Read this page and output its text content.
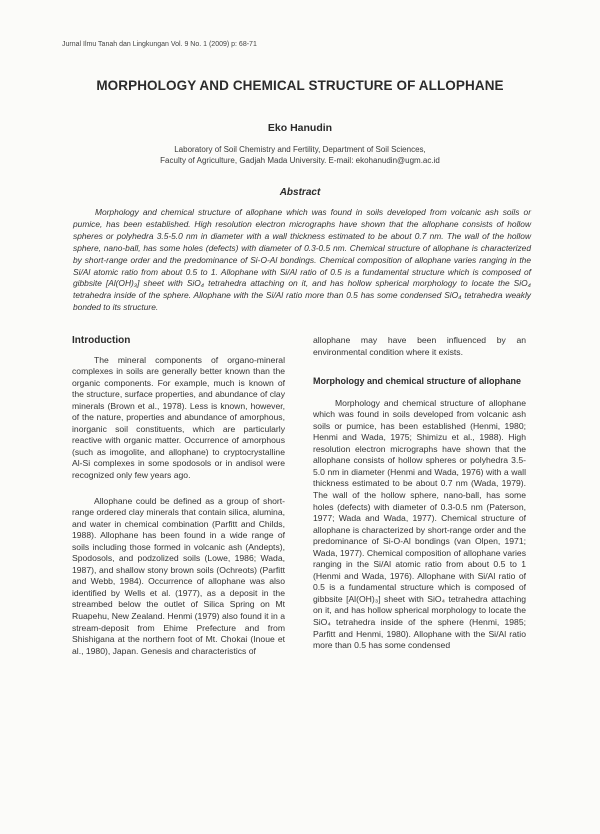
Jurnal Ilmu Tanah dan Lingkungan Vol. 9 No. 1 (2009) p: 68-71
MORPHOLOGY AND CHEMICAL STRUCTURE OF ALLOPHANE
Eko Hanudin
Laboratory of Soil Chemistry and Fertility, Department of Soil Sciences,
Faculty of Agriculture, Gadjah Mada University. E-mail: ekohanudin@ugm.ac.id
Abstract

Morphology and chemical structure of allophane which was found in soils developed from volcanic ash soils or pumice, has been established. High resolution electron micrographs have shown that the allophane consists of hollow spheres or polyhedra 3.5-5.0 nm in diameter with a wall thickness estimated to be about 0.7 nm. The wall of the hollow sphere, nano-ball, has some holes (defects) with diameter of 0.3-0.5 nm. Chemical structure of allophane is characterized by short-range order and the predominance of Si-O-Al bondings. Chemical composition of allophane varies ranging in the Si/Al atomic ratio from about 0.5 to 1. Allophane with Si/Al ratio of 0.5 is a fundamental structure which is composed of gibbsite [Al(OH)₃] sheet with SiO₄ tetrahedra attaching on it, and has hollow spherical morphology to locate the SiO₄ tetrahedra inside of the sphere. Allophane with the Si/Al ratio more than 0.5 has some condensed SiO₄ tetrahedra weakly bonded to its structure.

Introduction

The mineral components of organo-mineral complexes in soils are generally better known than the organic components. For example, much is known of the structure, surface properties, and abundance of clay minerals (Brown et al., 1978). Less is known, however, of the nature, properties and abundance of amorphous, inorganic soil constituents, which are particularly reactive with organic matter. Occurrence of amorphous (such as imogolite, and allophane) to cryptocrystalline Al-Si complexes in some spodosols or in andisol were recognized only few years ago.

Allophane could be defined as a group of short-range ordered clay minerals that contain silica, alumina, and water in chemical combination (Parfitt and Childs, 1988). Allophane has been found in a wide range of soils including those formed in volcanic ash (Andepts), Spodosols, and podzolized soils (Lowe, 1986; Wada, 1987), and shallow stony brown soils (Ochreots) (Parfitt and Webb, 1984). Occurrence of allophane was also identified by Wells et al. (1977), as a deposit in the streambed below the outlet of Silica Spring on Mt Ruapehu, New Zealand. Henmi (1979) also found it in a stream-deposit from Ehime Prefecture and from Shishigana at the northern foot of Mt. Chokai (Inoue et al., 1980), Japan. Genesis and characteristics of

allophane may have been influenced by an environmental condition where it exists.

Morphology and chemical structure of allophane

Morphology and chemical structure of allophane which was found in soils developed from volcanic ash soils or pumice, has been established (Henmi, 1980; Henmi and Wada, 1975; Shimizu et al., 1988). High resolution electron micrographs have shown that the allophane consists of hollow spheres or polyhedra 3.5-5.0 nm in diameter (Henmi and Wada, 1976) with a wall thickness estimated to be about 0.7 nm (Wada, 1979). The wall of the hollow sphere, nano-ball, has some holes (defects) with diameter of 0.3-0.5 nm (Paterson, 1977; Wada and Wada, 1977). Chemical structure of allophane is characterized by short-range order and the predominance of Si-O-Al bondings (van Olpen, 1971; Wada, 1977). Chemical composition of allophane varies ranging in the Si/Al atomic ratio from about 0.5 to 1 (Henmi and Wada, 1976). Allophane with Si/Al ratio of 0.5 is a fundamental structure which is composed of gibbsite [Al(OH)₃] sheet with SiO₄ tetrahedra attaching on it, and has hollow spherical morphology to locate the SiO₄ tetrahedra inside of the sphere (Henmi, 1985; Parfitt and Henmi, 1980). Allophane with the Si/Al ratio more than 0.5 has some condensed
